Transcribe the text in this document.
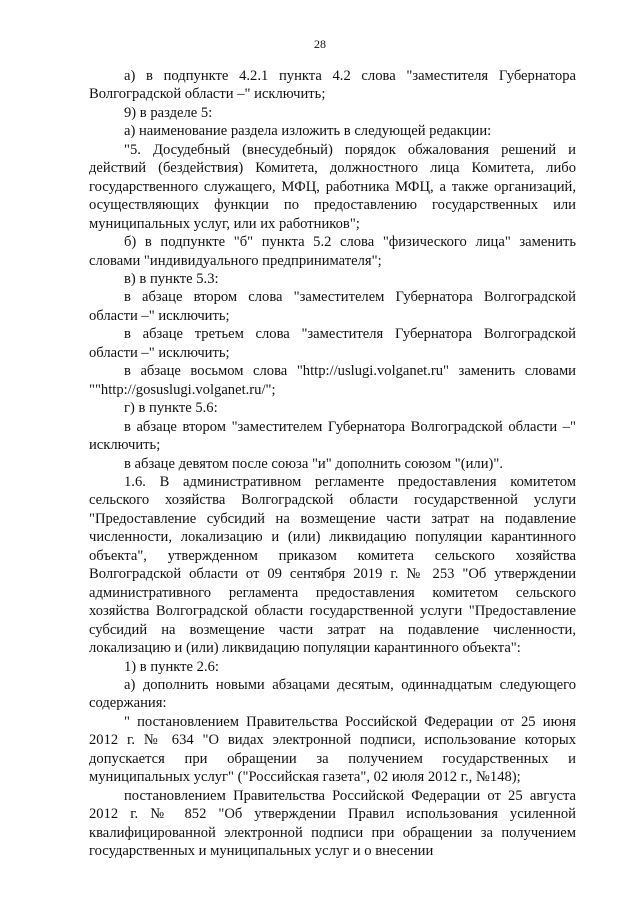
28

а) в подпункте 4.2.1 пункта 4.2 слова "заместителя Губернатора Волгоградской области –" исключить;

9) в разделе 5:

а) наименование раздела изложить в следующей редакции:

"5. Досудебный (внесудебный) порядок обжалования решений и действий (бездействия) Комитета, должностного лица Комитета, либо государственного служащего, МФЦ, работника МФЦ, а также организаций, осуществляющих функции по предоставлению государственных или муниципальных услуг, или их работников";

б) в подпункте "б" пункта 5.2 слова "физического лица" заменить словами "индивидуального предпринимателя";

в) в пункте 5.3:

в абзаце втором слова "заместителем Губернатора Волгоградской области –" исключить;

в абзаце третьем слова "заместителя Губернатора Волгоградской области –" исключить;

в абзаце восьмом слова "http://uslugi.volganet.ru" заменить словами ""http://gosuslugi.volganet.ru/";

г) в пункте 5.6:

в абзаце втором "заместителем Губернатора Волгоградской области –" исключить;

в абзаце девятом после союза "и" дополнить союзом "(или)".

1.6. В административном регламенте предоставления комитетом сельского хозяйства Волгоградской области государственной услуги "Предоставление субсидий на возмещение части затрат на подавление численности, локализацию и (или) ликвидацию популяции карантинного объекта", утвержденном приказом комитета сельского хозяйства Волгоградской области от 09 сентября 2019 г. № 253 "Об утверждении административного регламента предоставления комитетом сельского хозяйства Волгоградской области государственной услуги "Предоставление субсидий на возмещение части затрат на подавление численности, локализацию и (или) ликвидацию популяции карантинного объекта":

1) в пункте 2.6:

а) дополнить новыми абзацами десятым, одиннадцатым следующего содержания:

" постановлением Правительства Российской Федерации от 25 июня 2012 г. № 634 "О видах электронной подписи, использование которых допускается при обращении за получением государственных и муниципальных услуг" ("Российская газета", 02 июля 2012 г., №148);

постановлением Правительства Российской Федерации от 25 августа 2012 г. № 852 "Об утверждении Правил использования усиленной квалифицированной электронной подписи при обращении за получением государственных и муниципальных услуг и о внесении
